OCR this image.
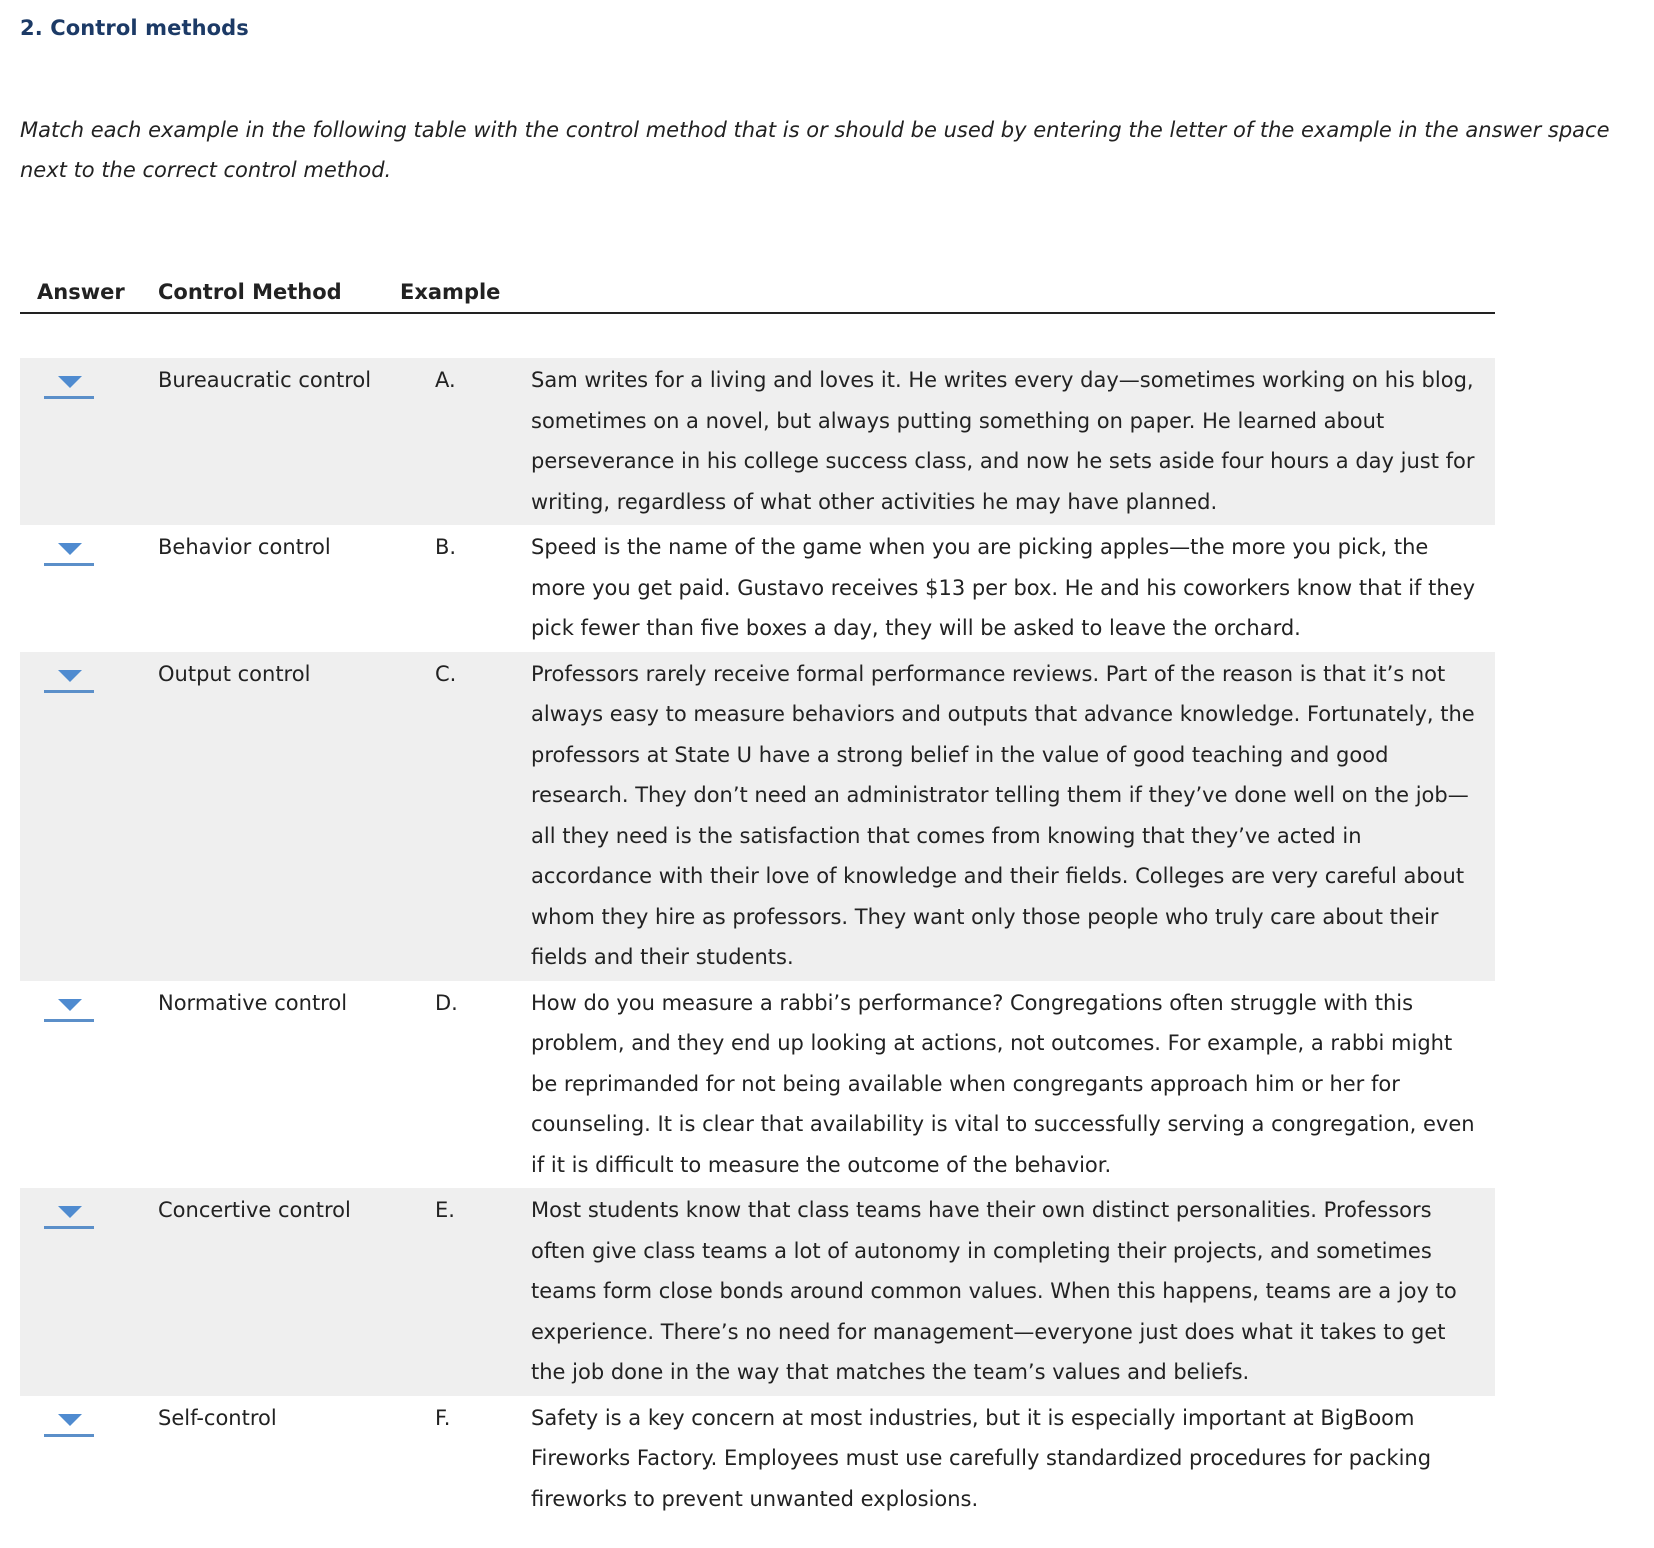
2. Control methods

Match each example in the following table with the control method that is or should be used by entering the letter of the example in the answer space next to the correct control method.

Answer Control Method	Example
Bureaucratic control	A.	Sam writes for a living and loves it. He writes every day—sometimes working on his blog, sometimes on a novel, but always putting something on paper. He learned about perseverance in his college success class, and now he sets aside four hours a day just for writing, regardless of what other activities he may have planned.
Behavior control	B.	Speed is the name of the game when you are picking apples—the more you pick, the more you get paid. Gustavo receives $13 per box. He and his coworkers know that if they pick fewer than five boxes a day, they will be asked to leave the orchard.
Output control	C.	Professors rarely receive formal performance reviews. Part of the reason is that it’s not always easy to measure behaviors and outputs that advance knowledge. Fortunately, the professors at State U have a strong belief in the value of good teaching and good research. They don’t need an administrator telling them if they’ve done well on the job— all they need is the satisfaction that comes from knowing that they’ve acted in accordance with their love of knowledge and their fields. Colleges are very careful about whom they hire as professors. They want only those people who truly care about their fields and their students.
Normative control	D.	How do you measure a rabbi’s performance? Congregations often struggle with this problem, and they end up looking at actions, not outcomes. For example, a rabbi might be reprimanded for not being available when congregants approach him or her for counseling. It is clear that availability is vital to successfully serving a congregation, even if it is difficult to measure the outcome of the behavior.
Concertive control	E.	Most students know that class teams have their own distinct personalities. Professors often give class teams a lot of autonomy in completing their projects, and sometimes teams form close bonds around common values. When this happens, teams are a joy to experience. There’s no need for management—everyone just does what it takes to get the job done in the way that matches the team’s values and beliefs.
Self-control	F.	Safety is a key concern at most industries, but it is especially important at BigBoom Fireworks Factory. Employees must use carefully standardized procedures for packing fireworks to prevent unwanted explosions.
